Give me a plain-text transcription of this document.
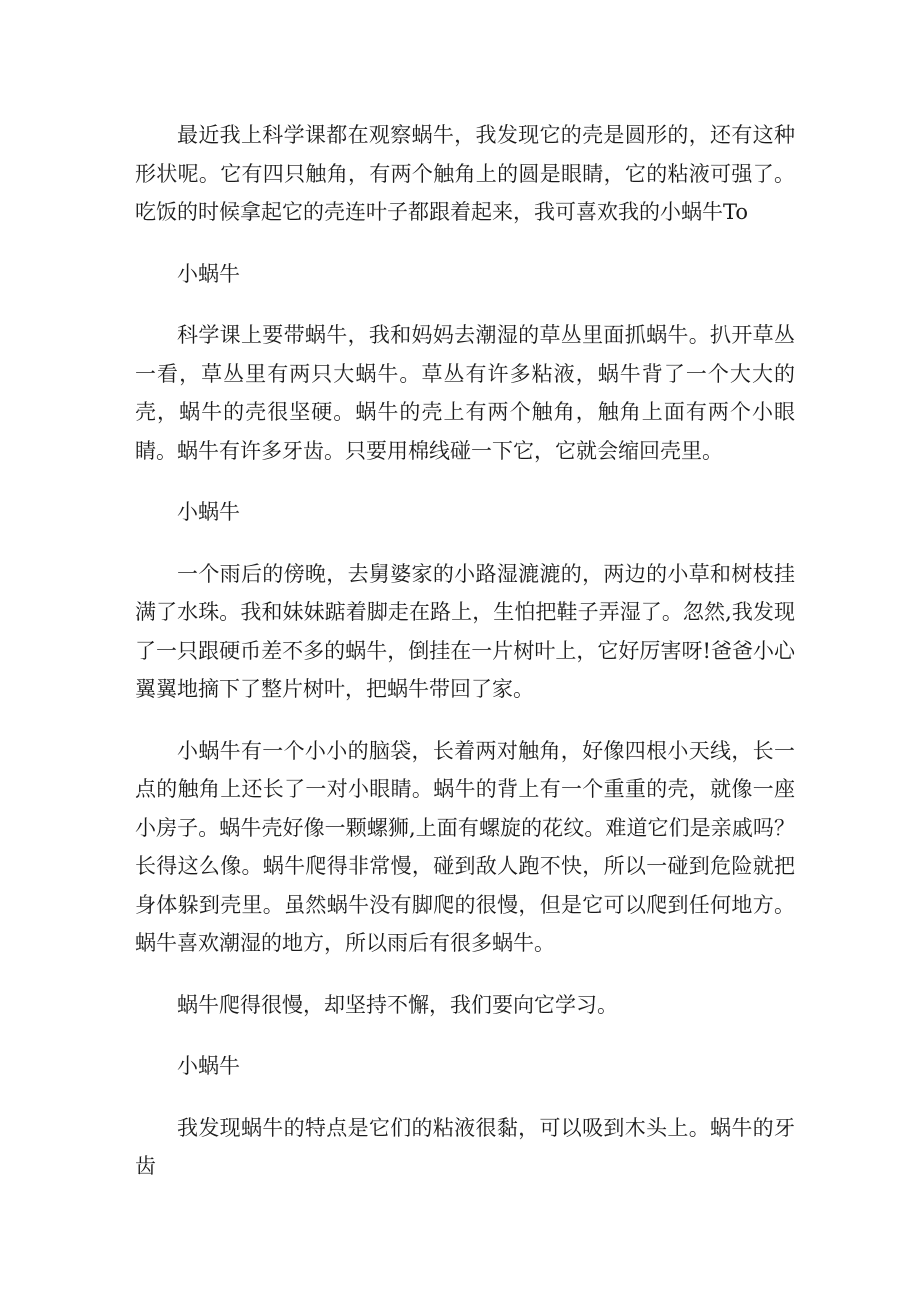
最近我上科学课都在观察蜗牛，我发现它的壳是圆形的，还有这种形状呢。它有四只触角，有两个触角上的圆是眼睛，它的粘液可强了。吃饭的时候拿起它的壳连叶子都跟着起来，我可喜欢我的小蜗牛To

小蜗牛

科学课上要带蜗牛，我和妈妈去潮湿的草丛里面抓蜗牛。扒开草丛一看，草丛里有两只大蜗牛。草丛有许多粘液，蜗牛背了一个大大的壳，蜗牛的壳很坚硬。蜗牛的壳上有两个触角，触角上面有两个小眼睛。蜗牛有许多牙齿。只要用棉线碰一下它，它就会缩回壳里。

小蜗牛

一个雨后的傍晚，去舅婆家的小路湿漉漉的，两边的小草和树枝挂满了水珠。我和妹妹踮着脚走在路上，生怕把鞋子弄湿了。忽然,我发现了一只跟硬币差不多的蜗牛，倒挂在一片树叶上，它好厉害呀!爸爸小心翼翼地摘下了整片树叶，把蜗牛带回了家。

小蜗牛有一个小小的脑袋，长着两对触角，好像四根小天线，长一点的触角上还长了一对小眼睛。蜗牛的背上有一个重重的壳，就像一座小房子。蜗牛壳好像一颗螺狮,上面有螺旋的花纹。难道它们是亲戚吗？长得这么像。蜗牛爬得非常慢，碰到敌人跑不快，所以一碰到危险就把身体躲到壳里。虽然蜗牛没有脚爬的很慢，但是它可以爬到任何地方。蜗牛喜欢潮湿的地方，所以雨后有很多蜗牛。

蜗牛爬得很慢，却坚持不懈，我们要向它学习。

小蜗牛

我发现蜗牛的特点是它们的粘液很黏，可以吸到木头上。蜗牛的牙齿
